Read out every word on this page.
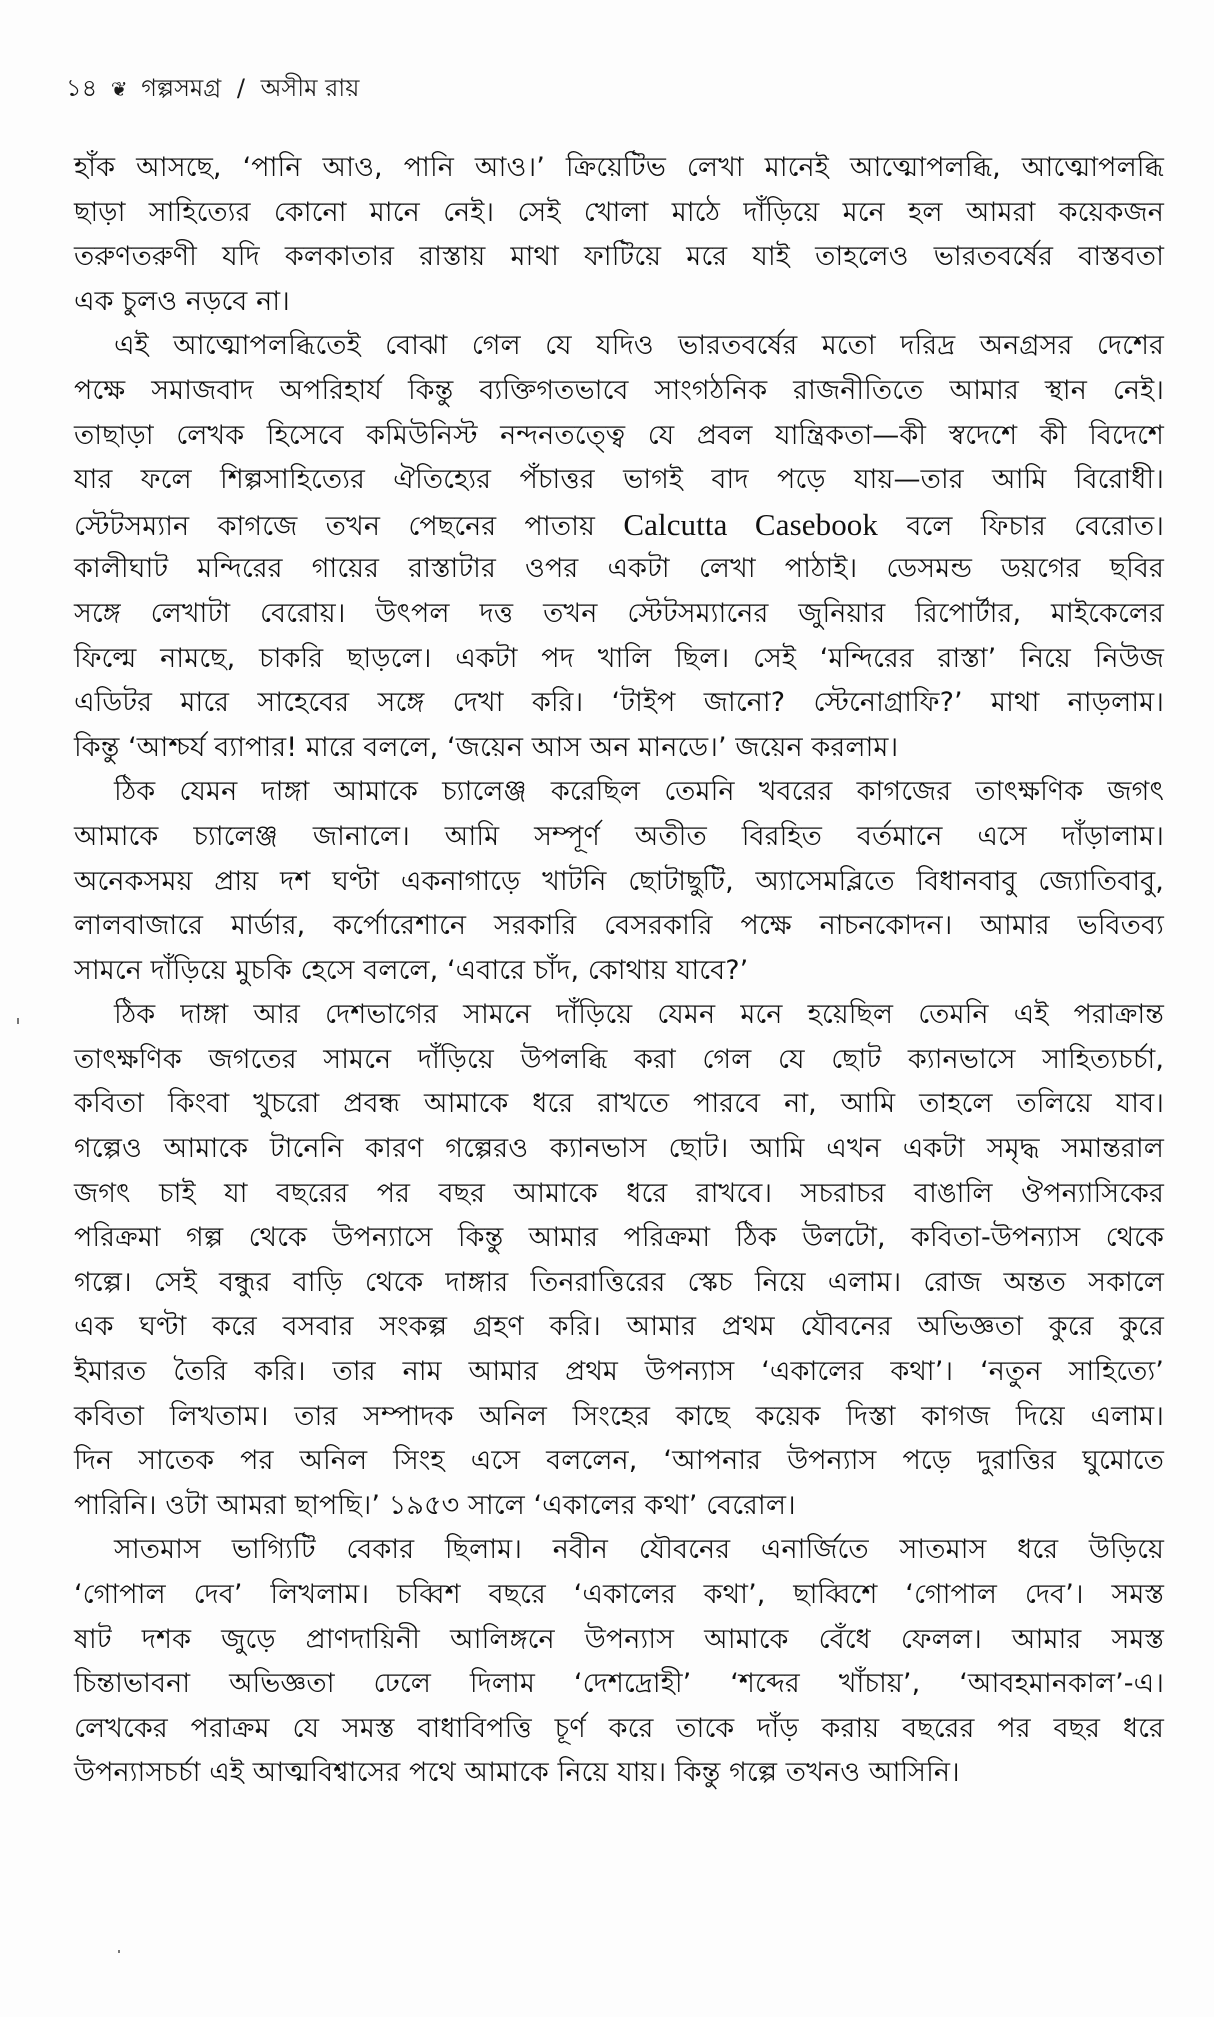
১৪ ❦ গল্পসমগ্র / অসীম রায়
হাঁক আসছে, ‘পানি আও, পানি আও।’ ক্রিয়েটিভ লেখা মানেই আত্মোপলব্ধি, আত্মোপলব্ধি
ছাড়া সাহিত্যের কোনো মানে নেই। সেই খোলা মাঠে দাঁড়িয়ে মনে হল আমরা কয়েকজন
তরুণতরুণী যদি কলকাতার রাস্তায় মাথা ফাটিয়ে মরে যাই তাহলেও ভারতবর্ষের বাস্তবতা
এক চুলও নড়বে না।
এই আত্মোপলব্ধিতেই বোঝা গেল যে যদিও ভারতবর্ষের মতো দরিদ্র অনগ্রসর দেশের
পক্ষে সমাজবাদ অপরিহার্য কিন্তু ব্যক্তিগতভাবে সাংগঠনিক রাজনীতিতে আমার স্থান নেই।
তাছাড়া লেখক হিসেবে কমিউনিস্ট নন্দনতত্ত্বে যে প্রবল যান্ত্রিকতা—কী স্বদেশে কী বিদেশে
যার ফলে শিল্পসাহিত্যের ঐতিহ্যের পঁচাত্তর ভাগই বাদ পড়ে যায়—তার আমি বিরোধী।
স্টেটসম্যান কাগজে তখন পেছনের পাতায় Calcutta Casebook বলে ফিচার বেরোত।
কালীঘাট মন্দিরের গায়ের রাস্তাটার ওপর একটা লেখা পাঠাই। ডেসমন্ড ডয়গের ছবির
সঙ্গে লেখাটা বেরোয়। উৎপল দত্ত তখন স্টেটসম্যানের জুনিয়ার রিপোর্টার, মাইকেলের
ফিল্মে নামছে, চাকরি ছাড়লে। একটা পদ খালি ছিল। সেই ‘মন্দিরের রাস্তা’ নিয়ে নিউজ
এডিটর মারে সাহেবের সঙ্গে দেখা করি। ‘টাইপ জানো? স্টেনোগ্রাফি?’ মাথা নাড়লাম।
কিন্তু ‘আশ্চর্য ব্যাপার! মারে বললে, ‘জয়েন আস অন মানডে।’ জয়েন করলাম।
ঠিক যেমন দাঙ্গা আমাকে চ্যালেঞ্জ করেছিল তেমনি খবরের কাগজের তাৎক্ষণিক জগৎ
আমাকে চ্যালেঞ্জ জানালে। আমি সম্পূর্ণ অতীত বিরহিত বর্তমানে এসে দাঁড়ালাম।
অনেকসময় প্রায় দশ ঘণ্টা একনাগাড়ে খাটনি ছোটাছুটি, অ্যাসেমব্লিতে বিধানবাবু জ্যোতিবাবু,
লালবাজারে মার্ডার, কর্পোরেশানে সরকারি বেসরকারি পক্ষে নাচনকোদন। আমার ভবিতব্য
সামনে দাঁড়িয়ে মুচকি হেসে বললে, ‘এবারে চাঁদ, কোথায় যাবে?’
ঠিক দাঙ্গা আর দেশভাগের সামনে দাঁড়িয়ে যেমন মনে হয়েছিল তেমনি এই পরাক্রান্ত
তাৎক্ষণিক জগতের সামনে দাঁড়িয়ে উপলব্ধি করা গেল যে ছোট ক্যানভাসে সাহিত্যচর্চা,
কবিতা কিংবা খুচরো প্রবন্ধ আমাকে ধরে রাখতে পারবে না, আমি তাহলে তলিয়ে যাব।
গল্পেও আমাকে টানেনি কারণ গল্পেরও ক্যানভাস ছোট। আমি এখন একটা সমৃদ্ধ সমান্তরাল
জগৎ চাই যা বছরের পর বছর আমাকে ধরে রাখবে। সচরাচর বাঙালি ঔপন্যাসিকের
পরিক্রমা গল্প থেকে উপন্যাসে কিন্তু আমার পরিক্রমা ঠিক উলটো, কবিতা-উপন্যাস থেকে
গল্পে। সেই বন্ধুর বাড়ি থেকে দাঙ্গার তিনরাত্তিরের স্কেচ নিয়ে এলাম। রোজ অন্তত সকালে
এক ঘণ্টা করে বসবার সংকল্প গ্রহণ করি। আমার প্রথম যৌবনের অভিজ্ঞতা কুরে কুরে
ইমারত তৈরি করি। তার নাম আমার প্রথম উপন্যাস ‘একালের কথা’। ‘নতুন সাহিত্যে’
কবিতা লিখতাম। তার সম্পাদক অনিল সিংহের কাছে কয়েক দিস্তা কাগজ দিয়ে এলাম।
দিন সাতেক পর অনিল সিংহ এসে বললেন, ‘আপনার উপন্যাস পড়ে দুরাত্তির ঘুমোতে
পারিনি। ওটা আমরা ছাপছি।’ ১৯৫৩ সালে ‘একালের কথা’ বেরোল।
সাতমাস ভাগ্যিটি বেকার ছিলাম। নবীন যৌবনের এনার্জিতে সাতমাস ধরে উড়িয়ে
‘গোপাল দেব’ লিখলাম। চব্বিশ বছরে ‘একালের কথা’, ছাব্বিশে ‘গোপাল দেব’। সমস্ত
ষাট দশক জুড়ে প্রাণদায়িনী আলিঙ্গনে উপন্যাস আমাকে বেঁধে ফেলল। আমার সমস্ত
চিন্তাভাবনা অভিজ্ঞতা ঢেলে দিলাম ‘দেশদ্রোহী’ ‘শব্দের খাঁচায়’, ‘আবহমানকাল’-এ।
লেখকের পরাক্রম যে সমস্ত বাধাবিপত্তি চূর্ণ করে তাকে দাঁড় করায় বছরের পর বছর ধরে
উপন্যাসচর্চা এই আত্মবিশ্বাসের পথে আমাকে নিয়ে যায়। কিন্তু গল্পে তখনও আসিনি।
